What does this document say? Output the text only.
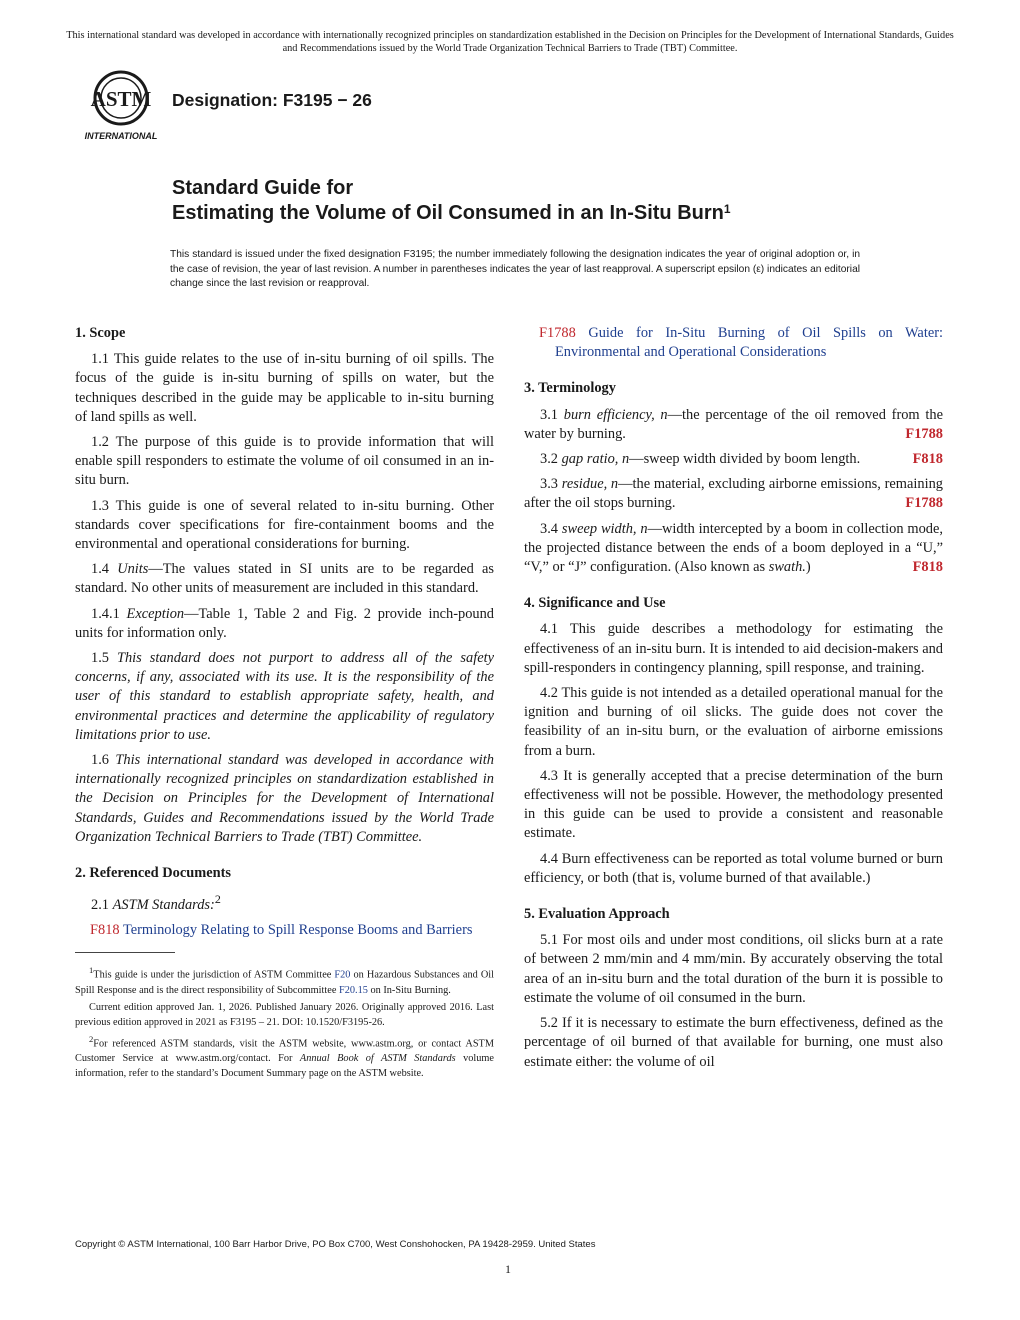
This international standard was developed in accordance with internationally recognized principles on standardization established in the Decision on Principles for the Development of International Standards, Guides and Recommendations issued by the World Trade Organization Technical Barriers to Trade (TBT) Committee.
ASTM
INTERNATIONAL
Designation: F3195 − 26
Standard Guide for
Estimating the Volume of Oil Consumed in an In-Situ Burn$^1$
This standard is issued under the fixed designation F3195; the number immediately following the designation indicates the year of original adoption or, in the case of revision, the year of last revision. A number in parentheses indicates the year of last reapproval. A superscript epsilon (ε) indicates an editorial change since the last revision or reapproval.

1. Scope

1.1 This guide relates to the use of in-situ burning of oil spills. The focus of the guide is in-situ burning of spills on water, but the techniques described in the guide may be applicable to in-situ burning of land spills as well.

1.2 The purpose of this guide is to provide information that will enable spill responders to estimate the volume of oil consumed in an in-situ burn.

1.3 This guide is one of several related to in-situ burning. Other standards cover specifications for fire-containment booms and the environmental and operational considerations for burning.

1.4 Units—The values stated in SI units are to be regarded as standard. No other units of measurement are included in this standard.

1.4.1 Exception—Table 1, Table 2 and Fig. 2 provide inch-pound units for information only.

1.5 This standard does not purport to address all of the safety concerns, if any, associated with its use. It is the responsibility of the user of this standard to establish appropriate safety, health, and environmental practices and determine the applicability of regulatory limitations prior to use.

1.6 This international standard was developed in accordance with internationally recognized principles on standardization established in the Decision on Principles for the Development of International Standards, Guides and Recommendations issued by the World Trade Organization Technical Barriers to Trade (TBT) Committee.

2. Referenced Documents

2.1 ASTM Standards:$^2$

F818 Terminology Relating to Spill Response Booms and Barriers

$^1$This guide is under the jurisdiction of ASTM Committee F20 on Hazardous Substances and Oil Spill Response and is the direct responsibility of Subcommittee F20.15 on In-Situ Burning.

Current edition approved Jan. 1, 2026. Published January 2026. Originally approved 2016. Last previous edition approved in 2021 as F3195 – 21. DOI: 10.1520/F3195-26.

$^2$For referenced ASTM standards, visit the ASTM website, www.astm.org, or contact ASTM Customer Service at www.astm.org/contact. For Annual Book of ASTM Standards volume information, refer to the standard’s Document Summary page on the ASTM website.

F1788 Guide for In-Situ Burning of Oil Spills on Water: Environmental and Operational Considerations

3. Terminology

3.1 burn efficiency, n—the percentage of the oil removed from the water by burning.	F1788

3.2 gap ratio, n—sweep width divided by boom length.	F818

3.3 residue, n—the material, excluding airborne emissions, remaining after the oil stops burning.	F1788

3.4 sweep width, n—width intercepted by a boom in collection mode, the projected distance between the ends of a boom deployed in a “U,” “V,” or “J” configuration. (Also known as swath.)	F818

4. Significance and Use

4.1 This guide describes a methodology for estimating the effectiveness of an in-situ burn. It is intended to aid decision-makers and spill-responders in contingency planning, spill response, and training.

4.2 This guide is not intended as a detailed operational manual for the ignition and burning of oil slicks. The guide does not cover the feasibility of an in-situ burn, or the evaluation of airborne emissions from a burn.

4.3 It is generally accepted that a precise determination of the burn effectiveness will not be possible. However, the methodology presented in this guide can be used to provide a consistent and reasonable estimate.

4.4 Burn effectiveness can be reported as total volume burned or burn efficiency, or both (that is, volume burned of that available.)

5. Evaluation Approach

5.1 For most oils and under most conditions, oil slicks burn at a rate of between 2 mm/min and 4 mm/min. By accurately observing the total area of an in-situ burn and the total duration of the burn it is possible to estimate the volume of oil consumed in the burn.

5.2 If it is necessary to estimate the burn effectiveness, defined as the percentage of oil burned of that available for burning, one must also estimate either: the volume of oil

Copyright © ASTM International, 100 Barr Harbor Drive, PO Box C700, West Conshohocken, PA 19428-2959. United States
1
